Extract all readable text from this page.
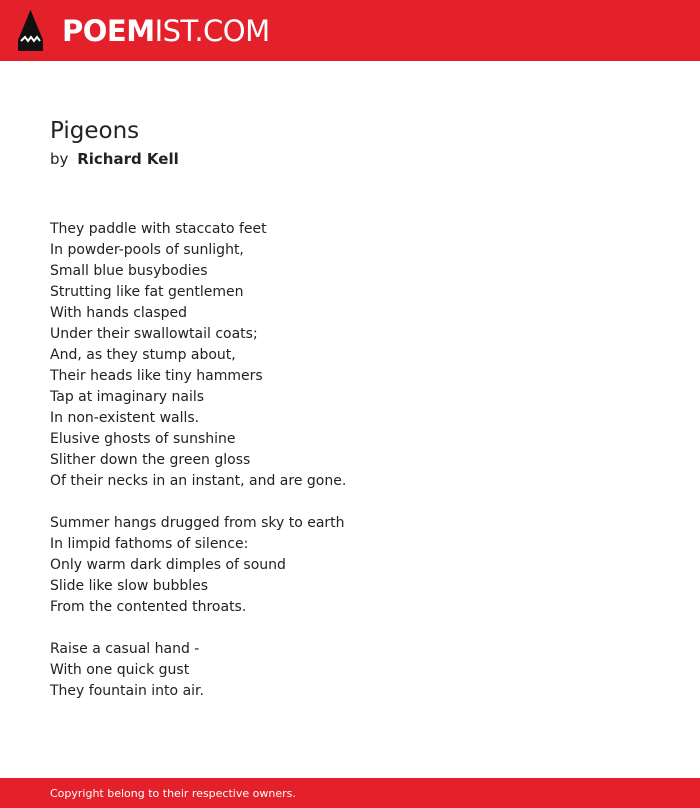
POEMIST.COM
Pigeons
by Richard Kell
They paddle with staccato feet
In powder-pools of sunlight,
Small blue busybodies
Strutting like fat gentlemen
With hands clasped
Under their swallowtail coats;
And, as they stump about,
Their heads like tiny hammers
Tap at imaginary nails
In non-existent walls.
Elusive ghosts of sunshine
Slither down the green gloss
Of their necks in an instant, and are gone.
Summer hangs drugged from sky to earth
In limpid fathoms of silence:
Only warm dark dimples of sound
Slide like slow bubbles
From the contented throats.
Raise a casual hand -
With one quick gust
They fountain into air.
Copyright belong to their respective owners.
